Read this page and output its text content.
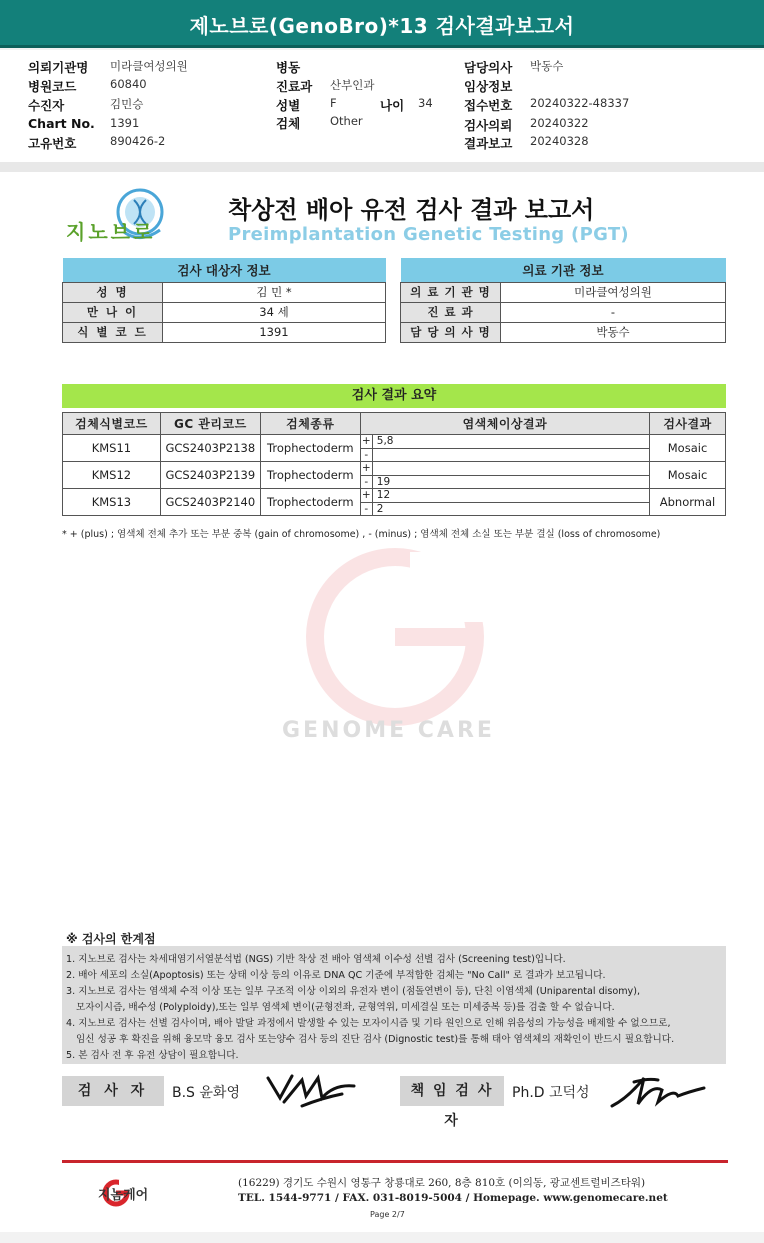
제노브로(GenoBro)*13 검사결과보고서
의뢰기관명 미라클여성의원
병원코드	60840
수진자	김민승
Chart No. 1391
고유번호	890426-2
병동
진료과 산부인과
성별	F	나이 34
검체	Other
담당의사 박동수
임상정보
접수번호 20240322-48337
검사의뢰 20240322
결과보고 20240328
지노브로
착상전 배아 유전 검사 결과 보고서
Preimplantation Genetic Testing (PGT)
검사 대상자 정보	
성 명	김 민 *
만 나 이	34 세
식 별 코 드	1391
의료 기관 정보	
의 료 기 관 명	미라클여성의원
진 료 과	-
담 당 의 사 명	박동수
검사 결과 요약
검체식별코드	GC 관리코드	검체종류	염색체이상결과	검사결과
KMS11	GCS2403P2138	Trophectoderm	+ 5,8
-	Mosaic
KMS12	GCS2403P2139	Trophectoderm	+
- 19	Mosaic
KMS13	GCS2403P2140	Trophectoderm	+ 12
- 2	Abnormal
* + (plus) ; 염색체 전체 추가 또는 부분 중복 (gain of chromosome) , - (minus) ; 염색체 전체 소실 또는 부분 결실 (loss of chromosome)
GENOME CARE
※ 검사의 한계점
1. 지노브로 검사는 차세대염기서열분석법 (NGS) 기반 착상 전 배아 염색체 이수성 선별 검사 (Screening test)입니다.
2. 배아 세포의 소실(Apoptosis) 또는 상태 이상 등의 이유로 DNA QC 기준에 부적합한 검체는 "No Call" 로 결과가 보고됩니다.
3. 지노브로 검사는 염색체 수적 이상 또는 일부 구조적 이상 이외의 유전자 변이 (점돌연변이 등), 단친 이염색체 (Uniparental disomy),
모자이시즘, 배수성 (Polyploidy),또는 일부 염색체 변이(균형전좌, 균형역위, 미세결실 또는 미세중복 등)를 검출 할 수 없습니다.
4. 지노브로 검사는 선별 검사이며, 배아 발달 과정에서 발생할 수 있는 모자이시즘 및 기타 원인으로 인해 위음성의 가능성을 배제할 수 없으므로,
임신 성공 후 확진을 위해 융모막 융모 검사 또는양수 검사 등의 진단 검사 (Dignostic test)를 통해 태아 염색체의 재확인이 반드시 필요합니다.
5. 본 검사 전 후 유전 상담이 필요합니다.
검 사 자	B.S 윤화영	책 임 검 사 자
Ph.D 고덕성
지놈케어
(16229) 경기도 수원시 영통구 창룡대로 260, 8층 810호 (이의동, 광교센트럴비즈타워)
TEL. 1544-9771 / FAX. 031-8019-5004 / Homepage. www.genomecare.net
Page 2/7
